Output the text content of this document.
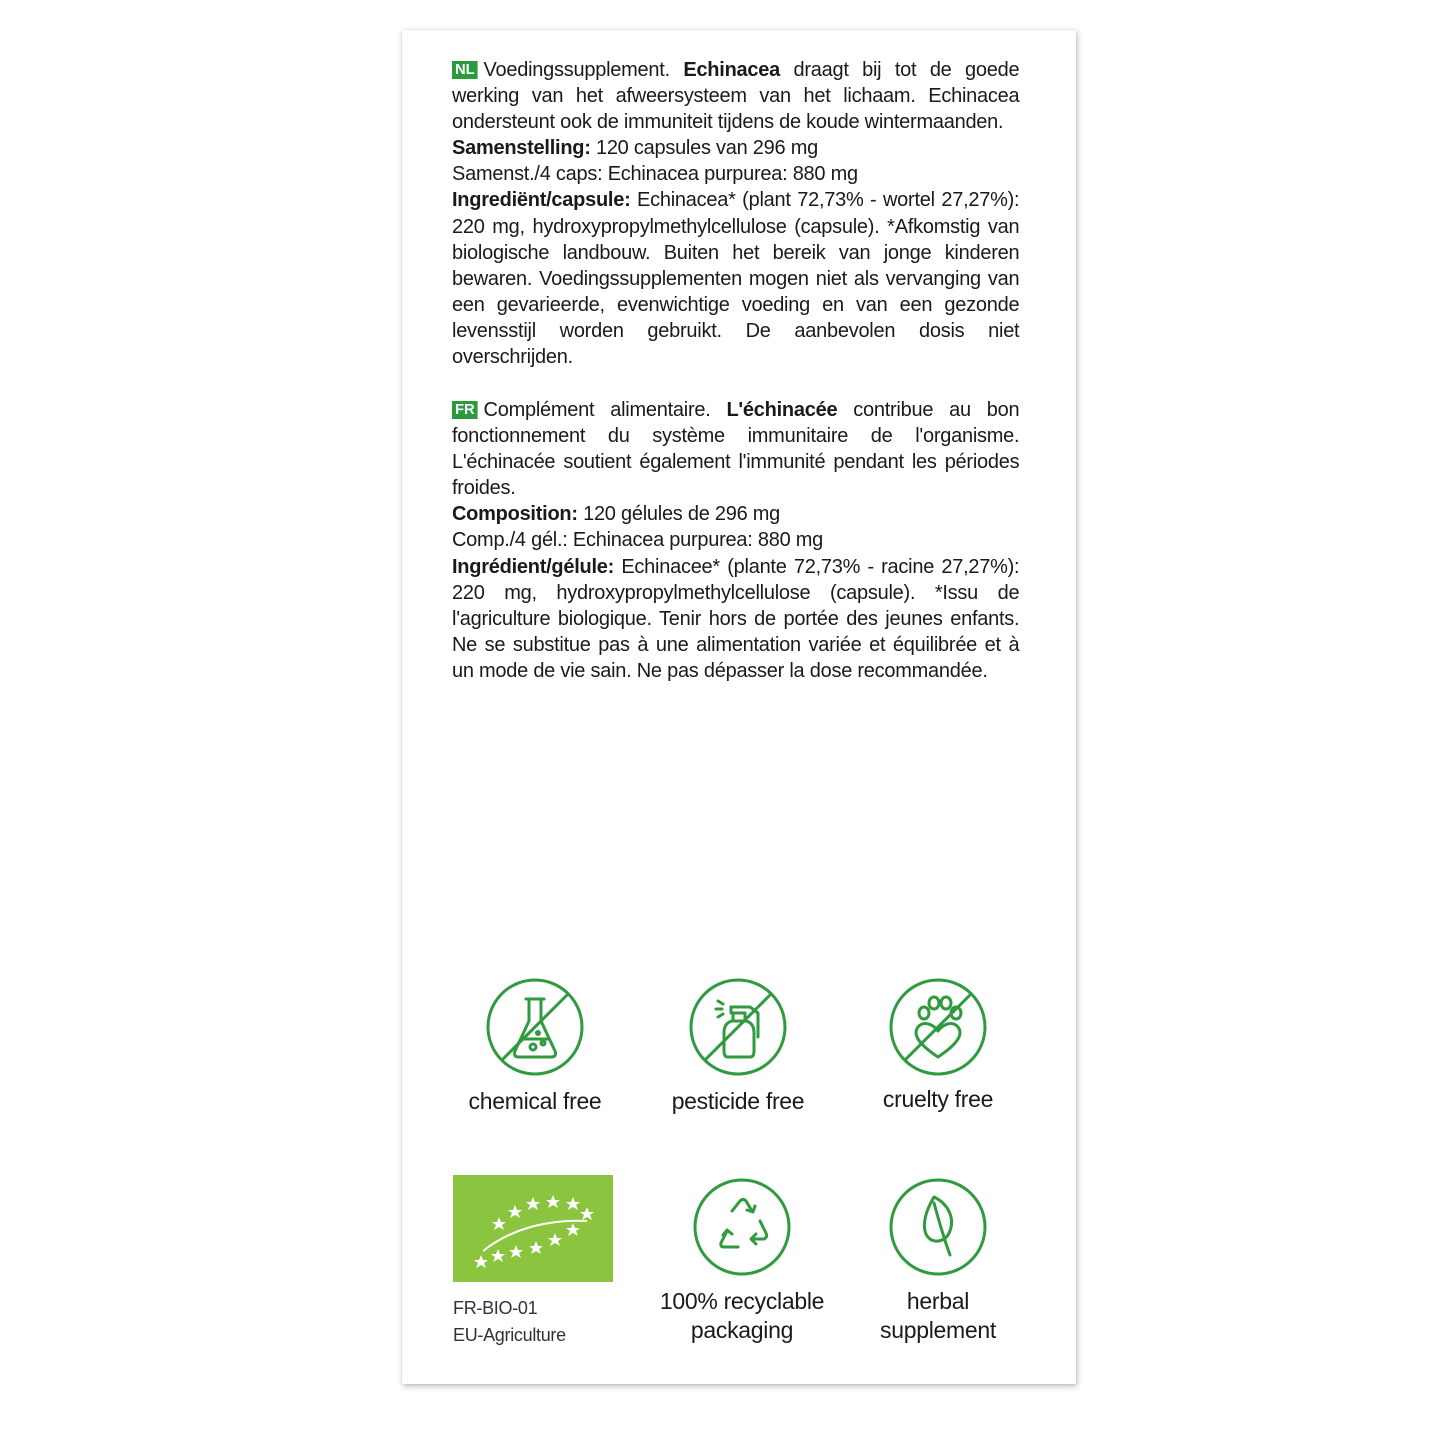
NL Voedingssupplement. Echinacea draagt bij tot de goede werking van het afweersysteem van het lichaam. Echinacea ondersteunt ook de immuniteit tijdens de koude wintermaanden.

Samenstelling: 120 capsules van 296 mg

Samenst./4 caps: Echinacea purpurea: 880 mg

Ingrediënt/capsule: Echinacea* (plant 72,73% - wortel 27,27%): 220 mg, hydroxypropylmethylcellulose (capsule). *Afkomstig van biologische landbouw. Buiten het bereik van jonge kinderen bewaren. Voedingssupplementen mogen niet als vervanging van een gevarieerde, evenwichtige voeding en van een gezonde levensstijl worden gebruikt. De aanbevolen dosis niet overschrijden.

FR Complément alimentaire. L'échinacée contribue au bon fonctionnement du système immunitaire de l'organisme. L'échinacée soutient également l'immunité pendant les périodes froides.

Composition: 120 gélules de 296 mg

Comp./4 gél.: Echinacea purpurea: 880 mg

Ingrédient/gélule: Echinacee* (plante 72,73% - racine 27,27%): 220 mg, hydroxypropylmethylcellulose (capsule). *Issu de l'agriculture biologique. Tenir hors de portée des jeunes enfants. Ne se substitue pas à une alimentation variée et équilibrée et à un mode de vie sain. Ne pas dépasser la dose recommandée.

chemical free	pesticide free	cruelty free
FR-BIO-01
EU-Agriculture
100% recyclable
packaging
herbal
supplement
